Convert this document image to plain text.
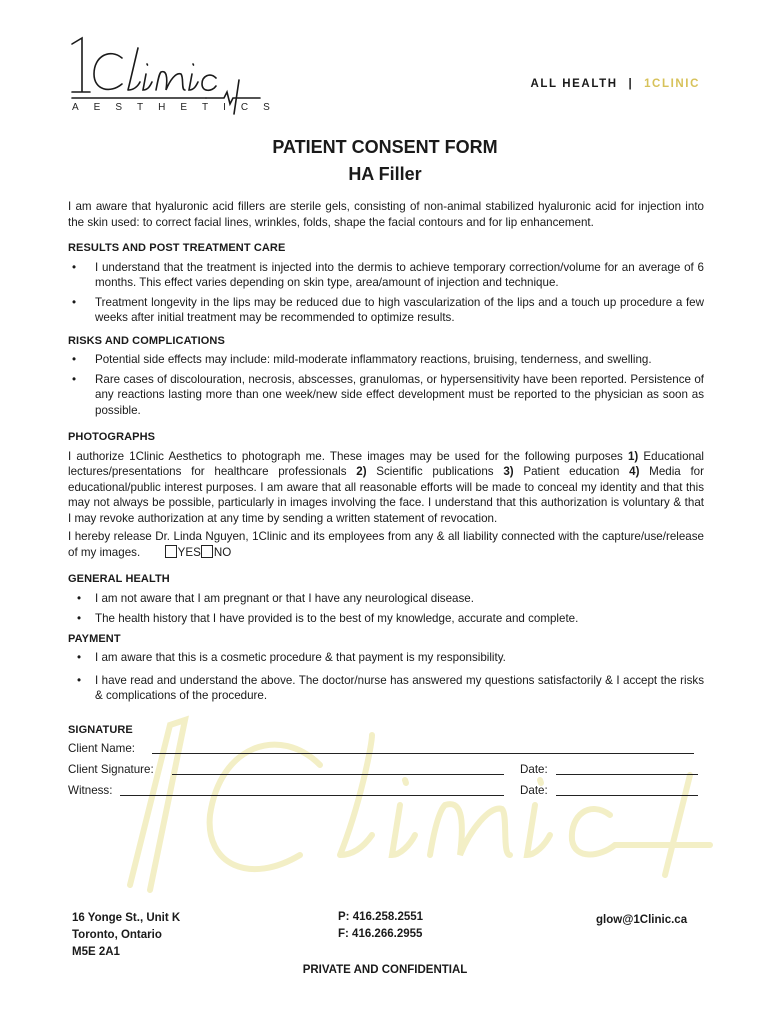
AESTHETICS
ALL HEALTH | 1CLINIC
PATIENT CONSENT FORM
HA Filler

I am aware that hyaluronic acid fillers are sterile gels, consisting of non-animal stabilized hyaluronic acid for injection into the skin used: to correct facial lines, wrinkles, folds, shape the facial contours and for lip enhancement.

RESULTS AND POST TREATMENT CARE
• I understand that the treatment is injected into the dermis to achieve temporary correction/volume for an average of 6 months. This effect varies depending on skin type, area/amount of injection and technique.
• Treatment longevity in the lips may be reduced due to high vascularization of the lips and a touch up procedure a few weeks after initial treatment may be recommended to optimize results.
RISKS AND COMPLICATIONS
• Potential side effects may include: mild-moderate inflammatory reactions, bruising, tenderness, and swelling.
• Rare cases of discolouration, necrosis, abscesses, granulomas, or hypersensitivity have been reported. Persistence of any reactions lasting more than one week/new side effect development must be reported to the physician as soon as possible.
PHOTOGRAPHS

I authorize 1Clinic Aesthetics to photograph me. These images may be used for the following purposes 1) Educational lectures/presentations for healthcare professionals 2) Scientific publications 3) Patient education 4) Media for educational/public interest purposes. I am aware that all reasonable efforts will be made to conceal my identity and that this may not always be possible, particularly in images involving the face. I understand that this authorization is voluntary & that I may revoke authorization at any time by sending a written statement of revocation.

I hereby release Dr. Linda Nguyen, 1Clinic and its employees from any & all liability connected with the capture/use/release of my images.	YES NO

GENERAL HEALTH
• I am not aware that I am pregnant or that I have any neurological disease.
• The health history that I have provided is to the best of my knowledge, accurate and complete.
PAYMENT
• I am aware that this is a cosmetic procedure & that payment is my responsibility.
• I have read and understand the above. The doctor/nurse has answered my questions satisfactorily & I accept the risks & complications of the procedure.
SIGNATURE
Client Name:
Client Signature:	Date:
Witness:	Date:
16 Yonge St., Unit K
Toronto, Ontario
M5E 2A1
P: 416.258.2551
F: 416.266.2955
glow@1Clinic.ca
PRIVATE AND CONFIDENTIAL
